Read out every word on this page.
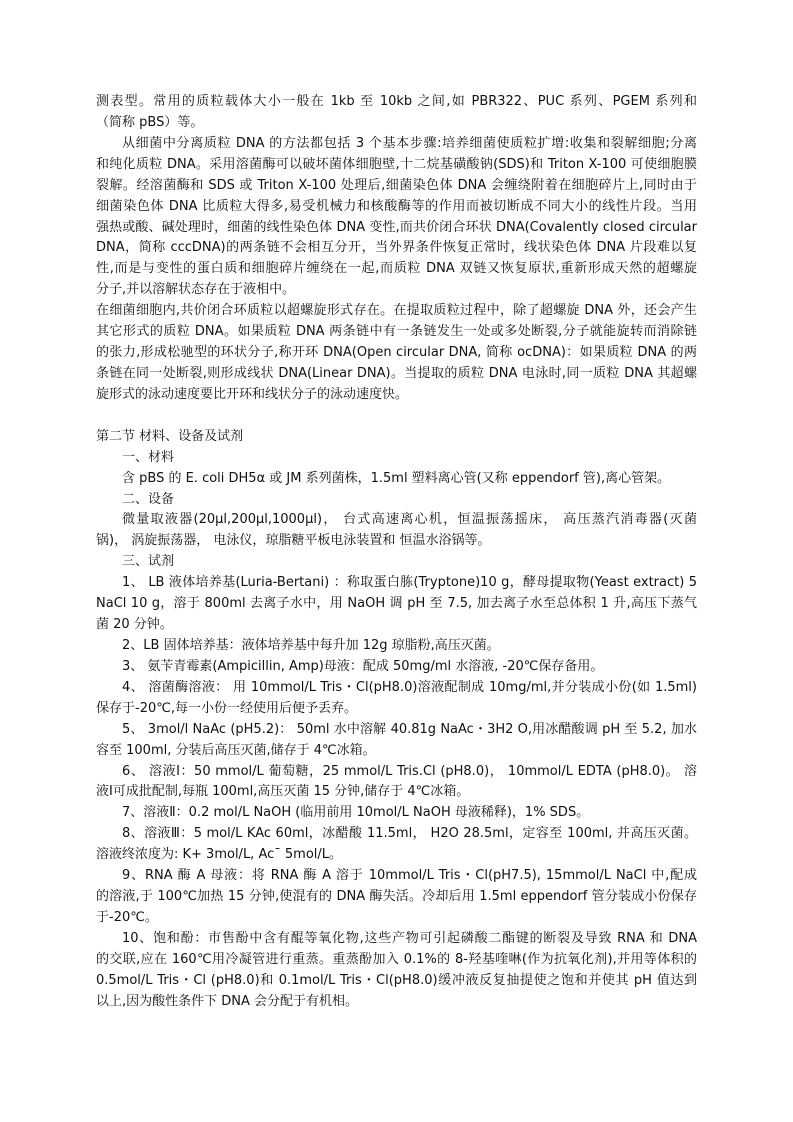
测表型。常用的质粒载体大小一般在 1kb 至 10kb 之间,如 PBR322、PUC 系列、PGEM 系列和
（简称 pBS）等。
从细菌中分离质粒 DNA 的方法都包括 3 个基本步骤:培养细菌使质粒扩增:收集和裂解细胞;分离
和纯化质粒 DNA。采用溶菌酶可以破坏菌体细胞壁,十二烷基磺酸钠(SDS)和 Triton X-100 可使细胞膜
裂解。经溶菌酶和 SDS 或 Triton X-100 处理后,细菌染色体 DNA 会缠绕附着在细胞碎片上,同时由于
细菌染色体 DNA 比质粒大得多,易受机械力和核酸酶等的作用而被切断成不同大小的线性片段。当用
强热或酸、碱处理时，细菌的线性染色体 DNA 变性,而共价闭合环状 DNA(Covalently closed circular
DNA，简称 cccDNA)的两条链不会相互分开，当外界条件恢复正常时，线状染色体 DNA 片段难以复
性,而是与变性的蛋白质和细胞碎片缠绕在一起,而质粒 DNA 双链又恢复原状,重新形成天然的超螺旋
分子,并以溶解状态存在于液相中。
在细菌细胞内,共价闭合环质粒以超螺旋形式存在。在提取质粒过程中，除了超螺旋 DNA 外，还会产生
其它形式的质粒 DNA。如果质粒 DNA 两条链中有一条链发生一处或多处断裂,分子就能旋转而消除链
的张力,形成松驰型的环状分子,称开环 DNA(Open circular DNA, 简称 ocDNA)：如果质粒 DNA 的两
条链在同一处断裂,则形成线状 DNA(Linear DNA)。当提取的质粒 DNA 电泳时,同一质粒 DNA 其超螺
旋形式的泳动速度要比开环和线状分子的泳动速度快。
第二节 材料、设备及试剂
一、材料
含 pBS 的 E. coli DH5α 或 JM 系列菌株，1.5ml 塑料离心管(又称 eppendorf 管),离心管架。
二、设备
微量取液器(20μl,200μl,1000μl)， 台式高速离心机，恒温振荡摇床， 高压蒸汽消毒器(灭菌
锅)， 涡旋振荡器， 电泳仪，琼脂糖平板电泳装置和 恒温水浴锅等。
三、试剂
1、 LB 液体培养基(Luria-Bertani) ：称取蛋白胨(Tryptone)10 g，酵母提取物(Yeast extract) 5
NaCl 10 g，溶于 800ml 去离子水中，用 NaOH 调 pH 至 7.5, 加去离子水至总体积 1 升,高压下蒸气
菌 20 分钟。
2、LB 固体培养基：液体培养基中每升加 12g 琼脂粉,高压灭菌。
3、 氨苄青霉素(Ampicillin, Amp)母液：配成 50mg/ml 水溶液, -20℃保存备用。
4、 溶菌酶溶液： 用 10mmol/L Tris・Cl(pH8.0)溶液配制成 10mg/ml,并分装成小份(如 1.5ml)
保存于-20℃,每一小份一经使用后便予丢弃。
5、 3mol/l NaAc (pH5.2)： 50ml 水中溶解 40.81g NaAc・3H2 O,用冰醋酸调 pH 至 5.2, 加水
容至 100ml, 分装后高压灭菌,储存于 4℃冰箱。
6、 溶液Ⅰ：50 mmol/L 葡萄糖，25 mmol/L Tris.Cl (pH8.0)， 10mmol/L EDTA (pH8.0)。 溶
液Ⅰ可成批配制,每瓶 100ml,高压灭菌 15 分钟,储存于 4℃冰箱。
7、溶液Ⅱ：0.2 mol/L NaOH (临用前用 10mol/L NaOH 母液稀释)，1% SDS。
8、溶液Ⅲ：5 mol/L KAc 60ml，冰醋酸 11.5ml， H2O 28.5ml，定容至 100ml, 并高压灭菌。
溶液终浓度为: K+ 3mol/L, Ac¯ 5mol/L。
9、RNA 酶 A 母液：将 RNA 酶 A 溶于 10mmol/L Tris・Cl(pH7.5), 15mmol/L NaCl 中,配成
的溶液,于 100℃加热 15 分钟,使混有的 DNA 酶失活。冷却后用 1.5ml eppendorf 管分装成小份保存
于-20℃。
10、饱和酚：市售酚中含有醌等氧化物,这些产物可引起磷酸二酯键的断裂及导致 RNA 和 DNA
的交联,应在 160℃用冷凝管进行重蒸。重蒸酚加入 0.1%的 8-羟基喹啉(作为抗氧化剂),并用等体积的
0.5mol/L Tris・Cl (pH8.0)和 0.1mol/L Tris・Cl(pH8.0)缓冲液反复抽提使之饱和并使其 pH 值达到
以上,因为酸性条件下 DNA 会分配于有机相。
